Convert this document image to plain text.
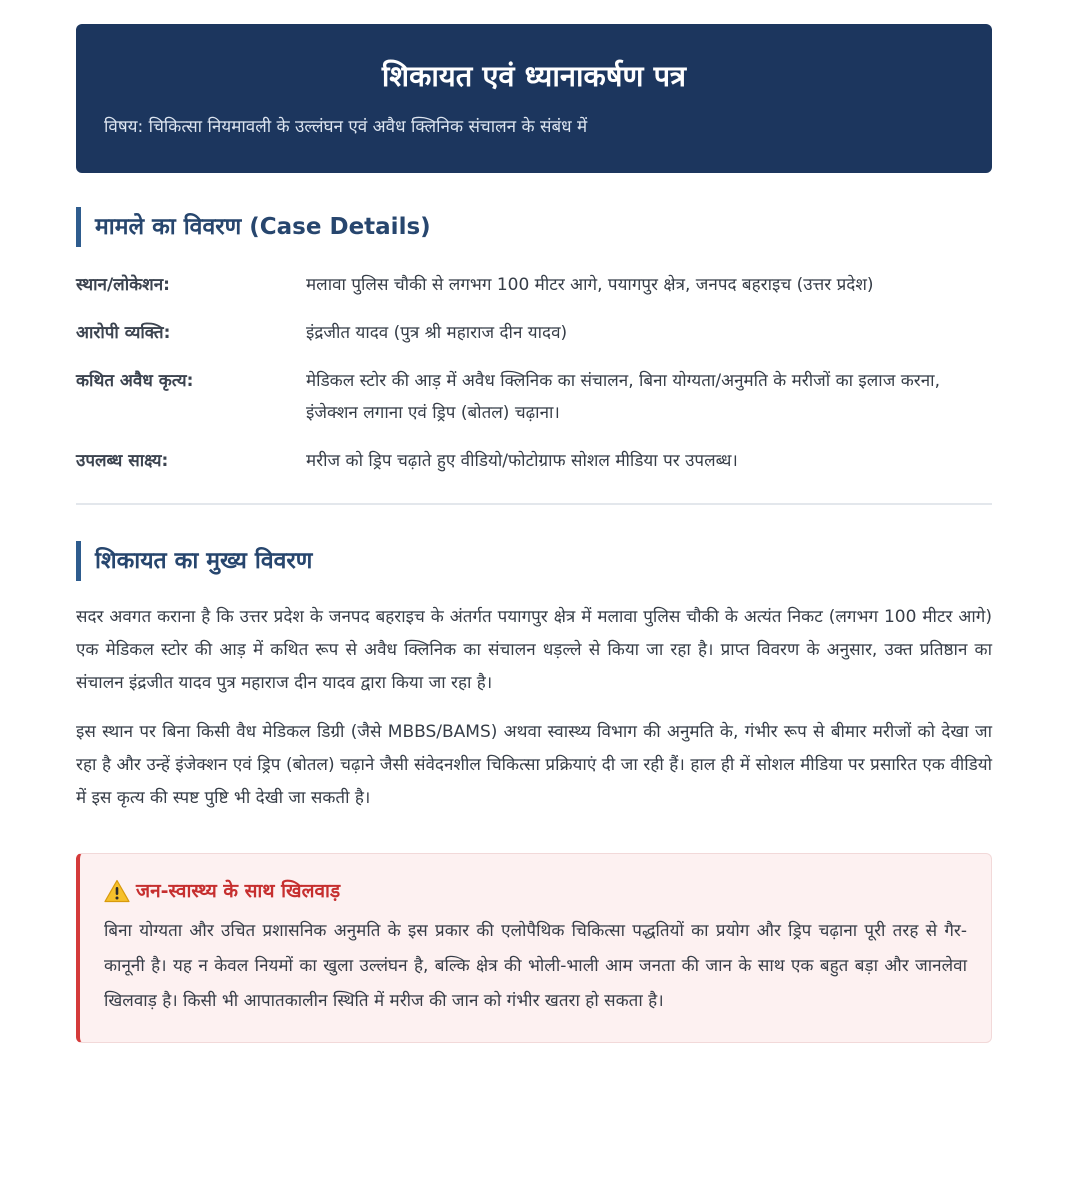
शिकायत एवं ध्यानाकर्षण पत्र
विषय: चिकित्सा नियमावली के उल्लंघन एवं अवैध क्लिनिक संचालन के संबंध में
मामले का विवरण (Case Details)
स्थान/लोकेशन:	मलावा पुलिस चौकी से लगभग 100 मीटर आगे, पयागपुर क्षेत्र, जनपद बहराइच (उत्तर प्रदेश)
आरोपी व्यक्ति:	इंद्रजीत यादव (पुत्र श्री महाराज दीन यादव)
कथित अवैध कृत्य:	मेडिकल स्टोर की आड़ में अवैध क्लिनिक का संचालन, बिना योग्यता/अनुमति के मरीजों का इलाज करना, इंजेक्शन लगाना एवं ड्रिप (बोतल) चढ़ाना।
उपलब्ध साक्ष्य:	मरीज को ड्रिप चढ़ाते हुए वीडियो/फोटोग्राफ सोशल मीडिया पर उपलब्ध।
शिकायत का मुख्य विवरण

सदर अवगत कराना है कि उत्तर प्रदेश के जनपद बहराइच के अंतर्गत पयागपुर क्षेत्र में मलावा पुलिस चौकी के अत्यंत निकट (लगभग 100 मीटर आगे) एक मेडिकल स्टोर की आड़ में कथित रूप से अवैध क्लिनिक का संचालन धड़ल्ले से किया जा रहा है। प्राप्त विवरण के अनुसार, उक्त प्रतिष्ठान का संचालन इंद्रजीत यादव पुत्र महाराज दीन यादव द्वारा किया जा रहा है।

इस स्थान पर बिना किसी वैध मेडिकल डिग्री (जैसे MBBS/BAMS) अथवा स्वास्थ्य विभाग की अनुमति के, गंभीर रूप से बीमार मरीजों को देखा जा रहा है और उन्हें इंजेक्शन एवं ड्रिप (बोतल) चढ़ाने जैसी संवेदनशील चिकित्सा प्रक्रियाएं दी जा रही हैं। हाल ही में सोशल मीडिया पर प्रसारित एक वीडियो में इस कृत्य की स्पष्ट पुष्टि भी देखी जा सकती है।

जन-स्वास्थ्य के साथ खिलवाड़
बिना योग्यता और उचित प्रशासनिक अनुमति के इस प्रकार की एलोपैथिक चिकित्सा पद्धतियों का प्रयोग और ड्रिप चढ़ाना पूरी तरह से गैर-कानूनी है। यह न केवल नियमों का खुला उल्लंघन है, बल्कि क्षेत्र की भोली-भाली आम जनता की जान के साथ एक बहुत बड़ा और जानलेवा खिलवाड़ है। किसी भी आपातकालीन स्थिति में मरीज की जान को गंभीर खतरा हो सकता है।
